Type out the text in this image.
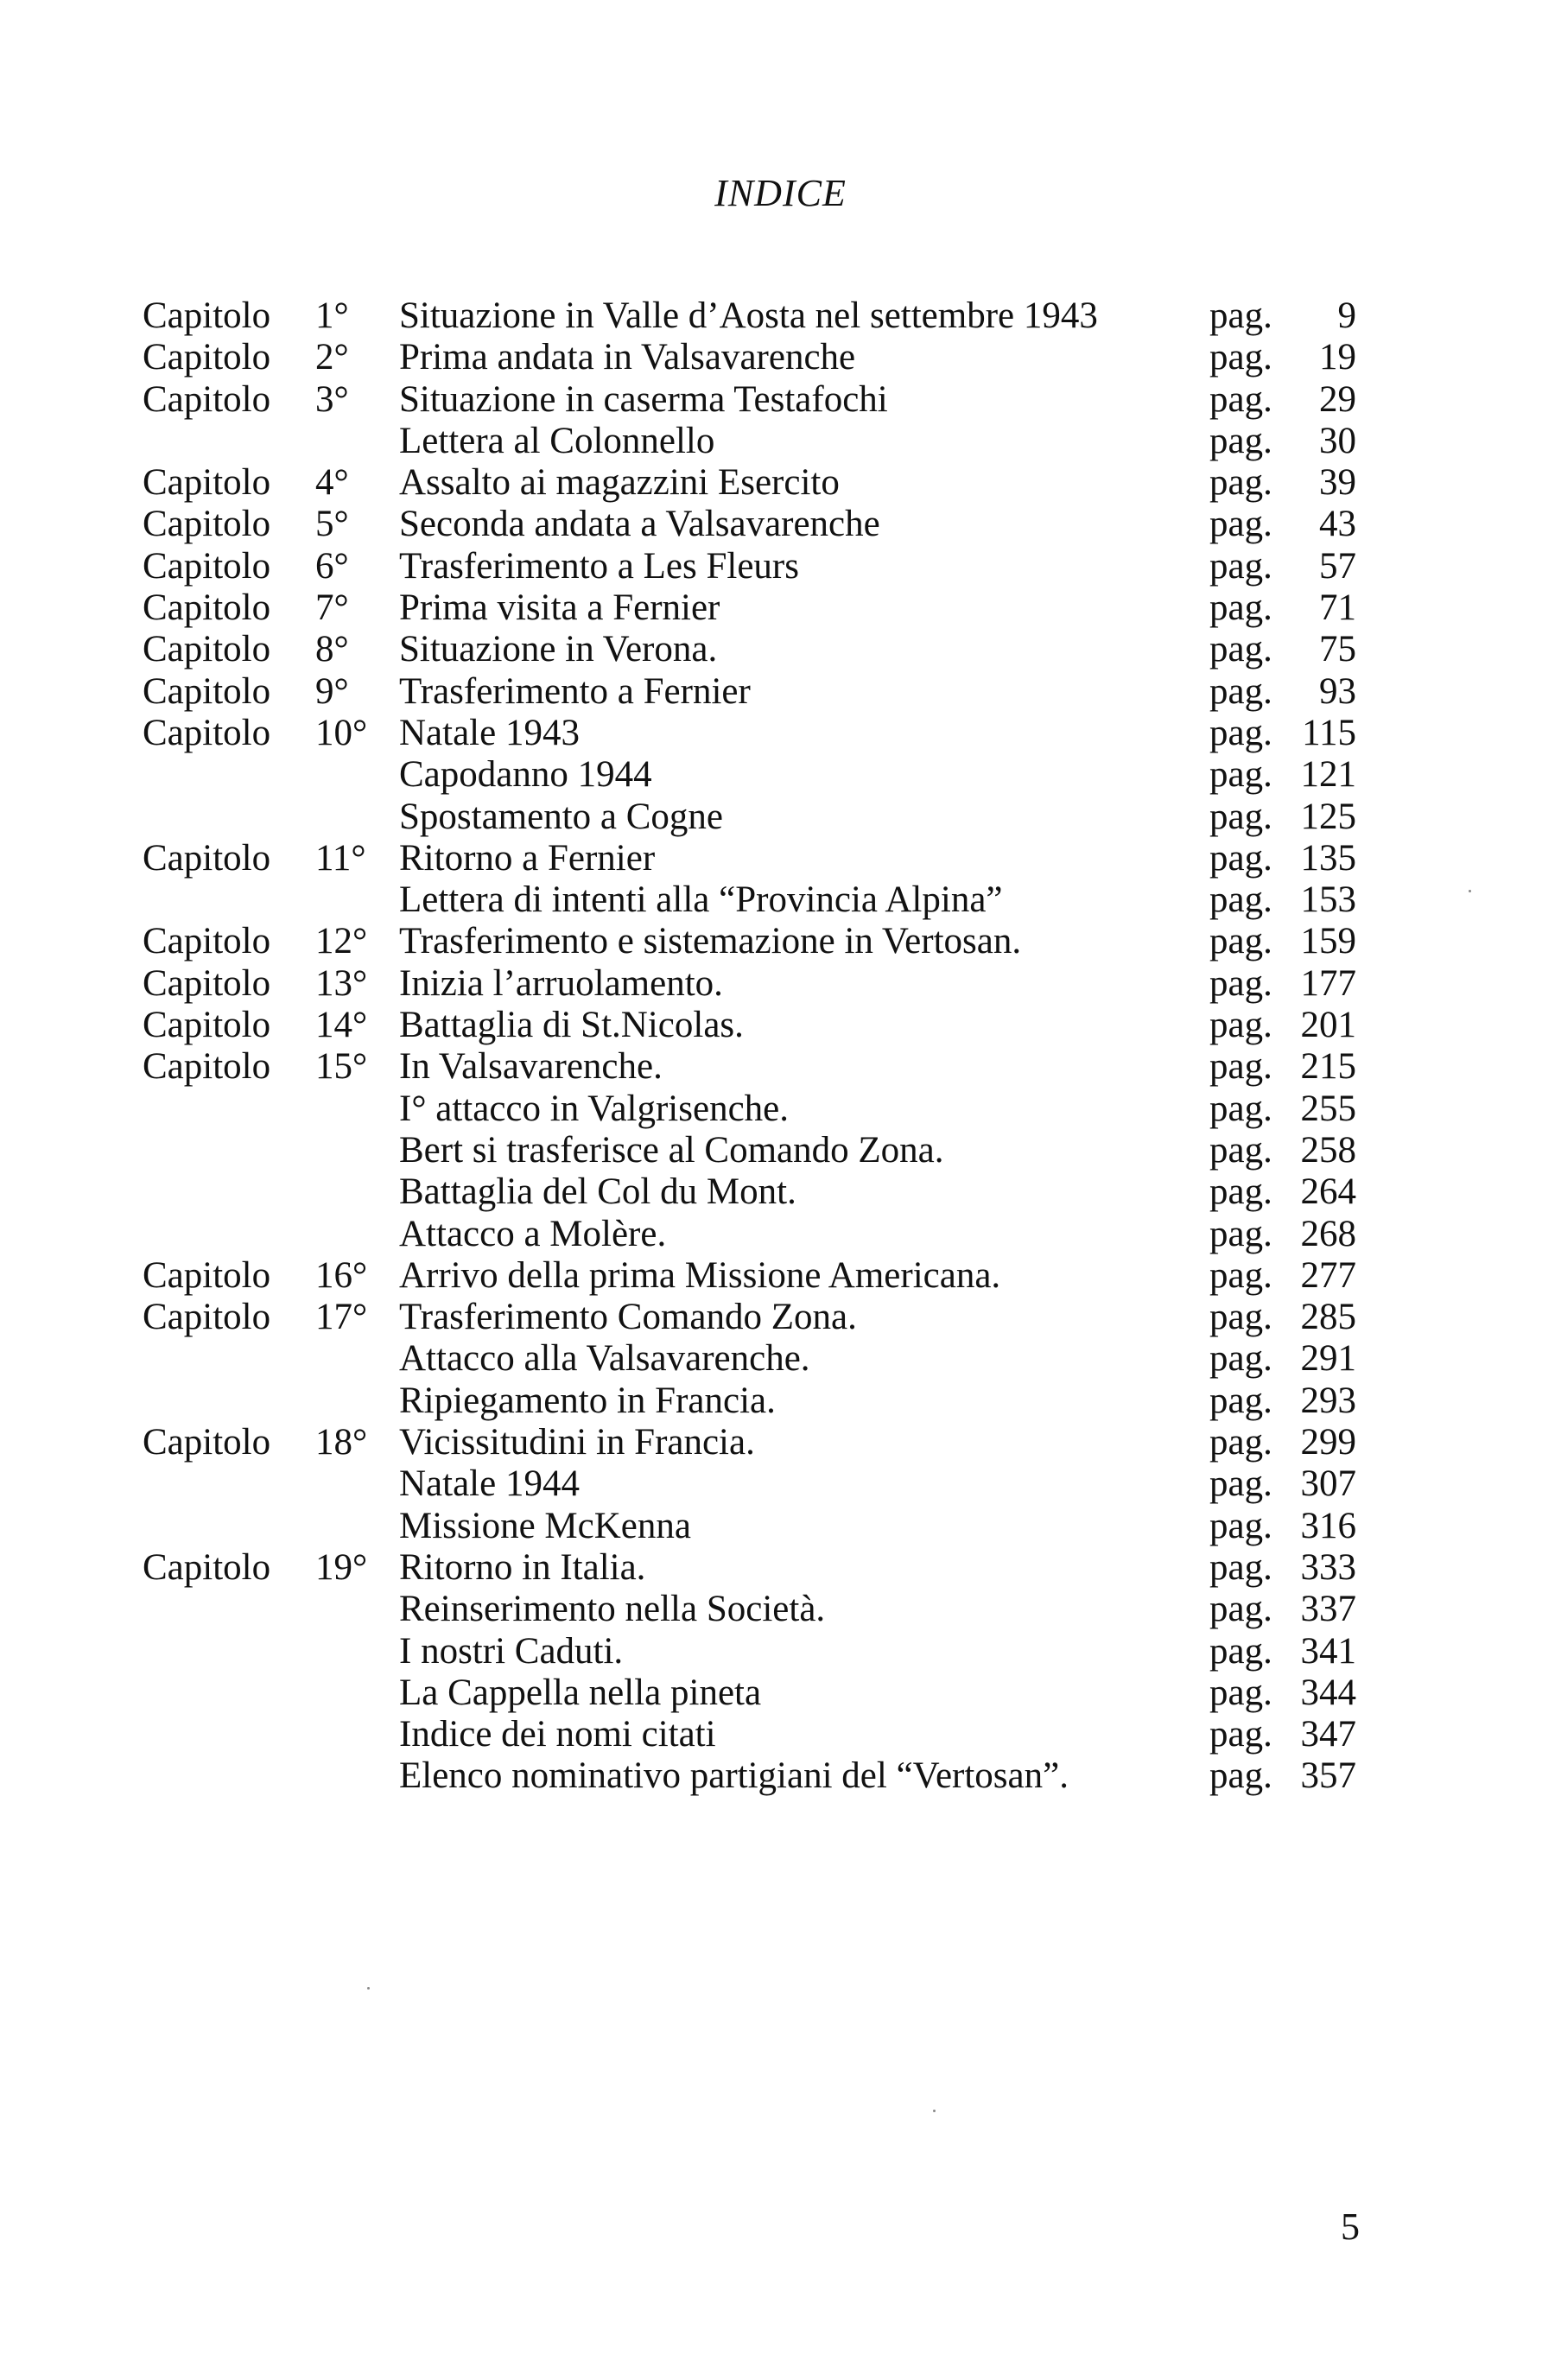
INDICE
Capitolo 1° Situazione in Valle d’Aosta nel settembre 1943	pag. 9
Capitolo 2° Prima andata in Valsavarenche	pag. 19
Capitolo 3° Situazione in caserma Testafochi	pag. 29
Lettera al Colonnello	pag. 30
Capitolo 4° Assalto ai magazzini Esercito	pag. 39
Capitolo 5° Seconda andata a Valsavarenche	pag. 43
Capitolo 6° Trasferimento a Les Fleurs	pag. 57
Capitolo 7° Prima visita a Fernier	pag. 71
Capitolo 8° Situazione in Verona.	pag. 75
Capitolo 9° Trasferimento a Fernier	pag. 93
Capitolo 10° Natale 1943	pag. 115
Capodanno 1944	pag. 121
Spostamento a Cogne	pag. 125
Capitolo 11° Ritorno a Fernier	pag. 135
Lettera di intenti alla “Provincia Alpina”	pag. 153
Capitolo 12° Trasferimento e sistemazione in Vertosan.	pag. 159
Capitolo 13° Inizia l’arruolamento.	pag. 177
Capitolo 14° Battaglia di St.Nicolas.	pag. 201
Capitolo 15° In Valsavarenche.	pag. 215
I° attacco in Valgrisenche.	pag. 255
Bert si trasferisce al Comando Zona.	pag. 258
Battaglia del Col du Mont.	pag. 264
Attacco a Molère.	pag. 268
Capitolo 16° Arrivo della prima Missione Americana.	pag. 277
Capitolo 17° Trasferimento Comando Zona.	pag. 285
Attacco alla Valsavarenche.	pag. 291
Ripiegamento in Francia.	pag. 293
Capitolo 18° Vicissitudini in Francia.	pag. 299
Natale 1944	pag. 307
Missione McKenna	pag. 316
Capitolo 19° Ritorno in Italia.	pag. 333
Reinserimento nella Società.	pag. 337
I nostri Caduti.	pag. 341
La Cappella nella pineta	pag. 344
Indice dei nomi citati	pag. 347
Elenco nominativo partigiani del “Vertosan”.	pag. 357
5
